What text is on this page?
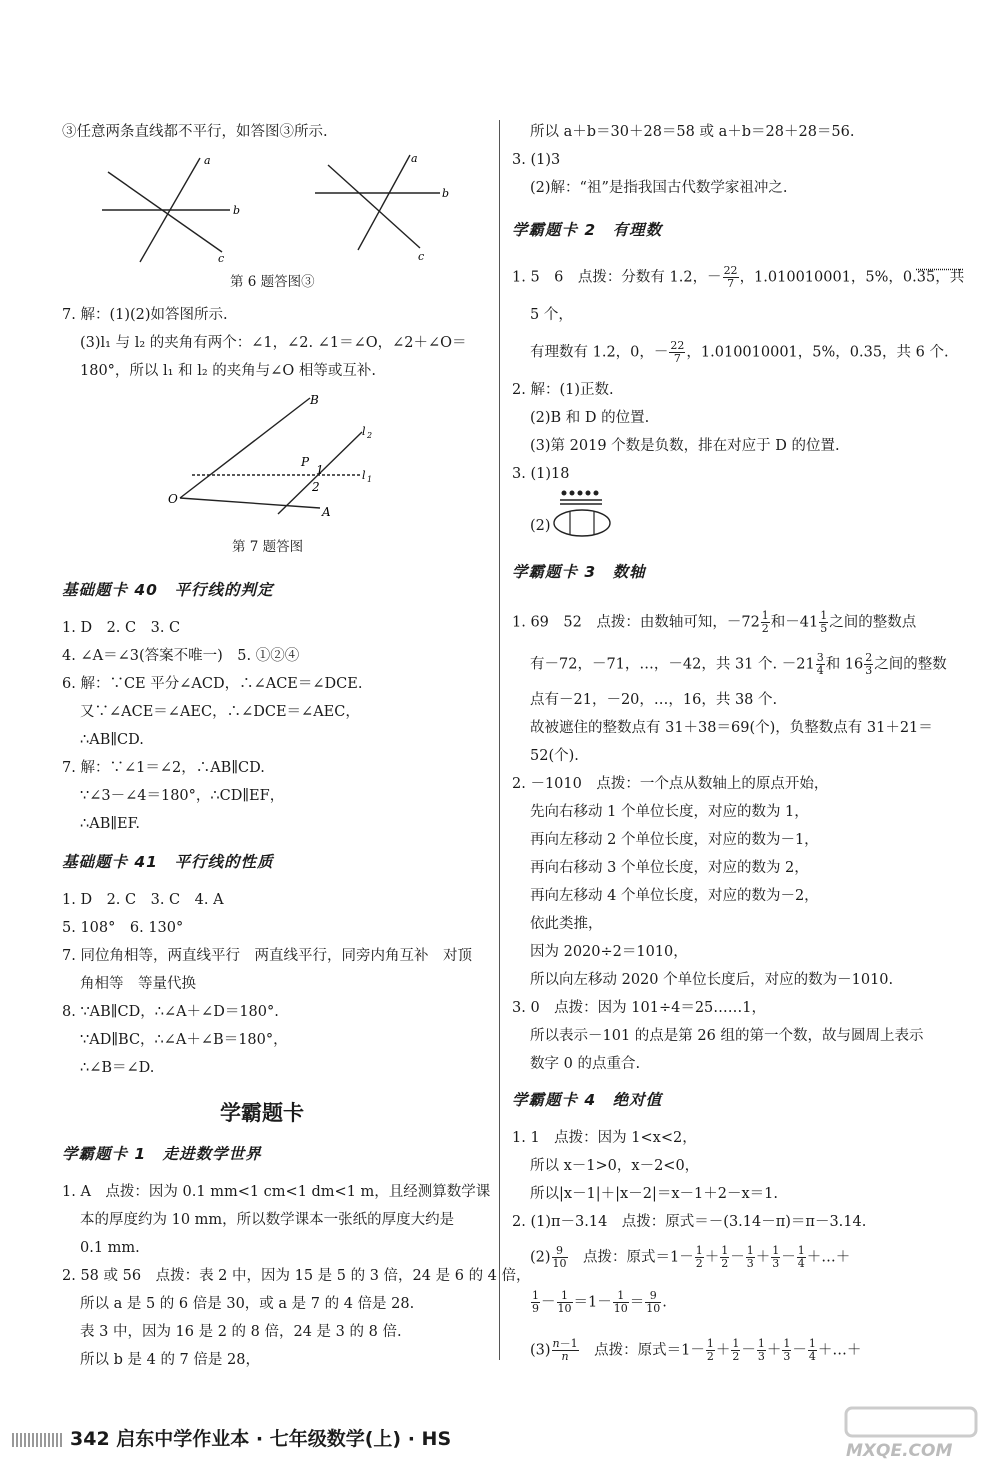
③任意两条直线都不平行，如答图③所示.
a
b
c
a
b
c
第 6 题答图③
7. 解：(1)(2)如答图所示.
(3)l₁ 与 l₂ 的夹角有两个：∠1，∠2. ∠1＝∠O，∠2＋∠O＝
180°，所以 l₁ 和 l₂ 的夹角与∠O 相等或互补.
B
O
A
l 2
l 1
P
1
2
第 7 题答图
基础题卡 40　平行线的判定
1. D　2. C　3. C
4. ∠A＝∠3(答案不唯一)　5. ①②④
6. 解：∵CE 平分∠ACD，∴∠ACE＝∠DCE.
又∵∠ACE＝∠AEC，∴∠DCE＝∠AEC，
∴AB∥CD.
7. 解：∵∠1＝∠2，∴AB∥CD.
∵∠3－∠4＝180°，∴CD∥EF，
∴AB∥EF.
基础题卡 41　平行线的性质
1. D　2. C　3. C　4. A
5. 108°　6. 130°
7. 同位角相等，两直线平行　两直线平行，同旁内角互补　对顶
角相等　等量代换
8. ∵AB∥CD，∴∠A＋∠D＝180°.
∵AD∥BC，∴∠A＋∠B＝180°，
∴∠B＝∠D.
学霸题卡
学霸题卡 1　走进数学世界
1. A　点拨：因为 0.1 mm<1 cm<1 dm<1 m，且经测算数学课
本的厚度约为 10 mm，所以数学课本一张纸的厚度大约是
0.1 mm.
2. 58 或 56　点拨：表 2 中，因为 15 是 5 的 3 倍，24 是 6 的 4 倍，
所以 a 是 5 的 6 倍是 30，或 a 是 7 的 4 倍是 28.
表 3 中，因为 16 是 2 的 8 倍，24 是 3 的 8 倍.
所以 b 是 4 的 7 倍是 28，
所以 a＋b＝30＋28＝58 或 a＋b＝28＋28＝56.
3. (1)3
(2)解：“祖”是指我国古代数学家祖冲之.
学霸题卡 2　有理数
1. 5　6　点拨：分数有 1.2，－ $\frac{22}{7}$ ，1.010010001，5%，0.35，共
5 个，
有理数有 1.2，0，－ $\frac{22}{7}$ ，1.010010001，5%，0.35，共 6 个.
2. 解：(1)正数.
(2)B 和 D 的位置.
(3)第 2019 个数是负数，排在对应于 D 的位置.
3. (1)18
(2)
学霸题卡 3　数轴
1. 69　52　点拨：由数轴可知，$-72 \frac{1}{2}$ 和$-41 \frac{1}{5}$ 之间的整数点
有－72，－71，…，－42，共 31 个. $-21 \frac{3}{4}$ 和 $16 \frac{2}{3}$ 之间的整数
点有－21，－20，…，16，共 38 个.
故被遮住的整数点有 31＋38＝69(个)，负整数点有 31＋21＝
52(个).
2. －1010　点拨：一个点从数轴上的原点开始，
先向右移动 1 个单位长度，对应的数为 1，
再向左移动 2 个单位长度，对应的数为－1，
再向右移动 3 个单位长度，对应的数为 2，
再向左移动 4 个单位长度，对应的数为－2，
依此类推，
因为 2020÷2＝1010，
所以向左移动 2020 个单位长度后，对应的数为－1010.
3. 0　点拨：因为 101÷4＝25……1，
所以表示－101 的点是第 26 组的第一个数，故与圆周上表示
数字 0 的点重合.
学霸题卡 4　绝对值
1. 1　点拨：因为 1<x<2，
所以 x－1>0，x－2<0，
所以|x－1|＋|x－2|＝x－1＋2－x＝1.
2. (1)π－3.14　点拨：原式＝－(3.14－π)＝π－3.14.
$(2) \frac{9}{10}$
　 点拨：原式$=1- \frac{1}{2} + \frac{1}{2} - \frac{1}{3} + \frac{1}{3} - \frac{1}{4}$ ＋…＋
$\frac{1}{9} - \frac{1}{10} =1- \frac{1}{10} = \frac{9}{10}$ .
$(3) \frac{n-1}{n}$
　 点拨：原式$=1- \frac{1}{2} + \frac{1}{2} - \frac{1}{3} + \frac{1}{3} - \frac{1}{4}$ ＋…＋
342 启东中学作业本 · 七年级数学(上) · HS
MXQE.COM
